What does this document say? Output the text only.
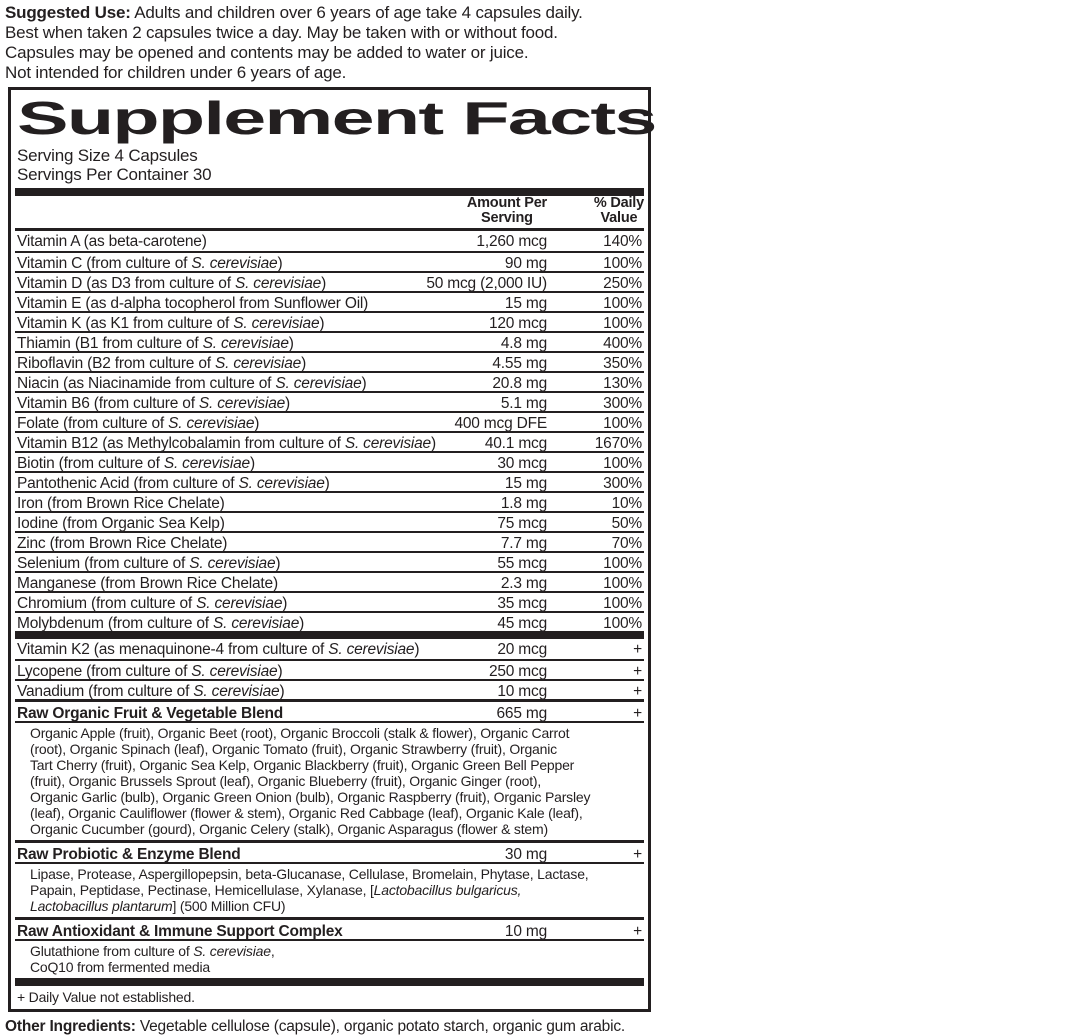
Suggested Use: Adults and children over 6 years of age take 4 capsules daily.
Best when taken 2 capsules twice a day. May be taken with or without food.
Capsules may be opened and contents may be added to water or juice.
Not intended for children under 6 years of age.
Supplement Facts
Serving Size 4 Capsules
Servings Per Container 30
Amount Per
Serving
% Daily
Value
Vitamin A (as beta-carotene)	1,260 mcg	140%
Vitamin C (from culture of S. cerevisiae)	90 mg	100%
Vitamin D (as D3 from culture of S. cerevisiae)	50 mcg (2,000 IU)	250%
Vitamin E (as d-alpha tocopherol from Sunflower Oil)	15 mg	100%
Vitamin K (as K1 from culture of S. cerevisiae)	120 mcg	100%
Thiamin (B1 from culture of S. cerevisiae)	4.8 mg	400%
Riboflavin (B2 from culture of S. cerevisiae)	4.55 mg	350%
Niacin (as Niacinamide from culture of S. cerevisiae)	20.8 mg	130%
Vitamin B6 (from culture of S. cerevisiae)	5.1 mg	300%
Folate (from culture of S. cerevisiae)	400 mcg DFE	100%
Vitamin B12 (as Methylcobalamin from culture of S. cerevisiae)	40.1 mcg	1670%
Biotin (from culture of S. cerevisiae)	30 mcg	100%
Pantothenic Acid (from culture of S. cerevisiae)	15 mg	300%
Iron (from Brown Rice Chelate)	1.8 mg	10%
Iodine (from Organic Sea Kelp)	75 mcg	50%
Zinc (from Brown Rice Chelate)	7.7 mg	70%
Selenium (from culture of S. cerevisiae)	55 mcg	100%
Manganese (from Brown Rice Chelate)	2.3 mg	100%
Chromium (from culture of S. cerevisiae)	35 mcg	100%
Molybdenum (from culture of S. cerevisiae)	45 mcg	100%
Vitamin K2 (as menaquinone-4 from culture of S. cerevisiae)	20 mcg	+
Lycopene (from culture of S. cerevisiae)	250 mcg	+
Vanadium (from culture of S. cerevisiae)	10 mcg	+
Raw Organic Fruit & Vegetable Blend	665 mg	+
Organic Apple (fruit), Organic Beet (root), Organic Broccoli (stalk & flower), Organic Carrot
(root), Organic Spinach (leaf), Organic Tomato (fruit), Organic Strawberry (fruit), Organic
Tart Cherry (fruit), Organic Sea Kelp, Organic Blackberry (fruit), Organic Green Bell Pepper
(fruit), Organic Brussels Sprout (leaf), Organic Blueberry (fruit), Organic Ginger (root),
Organic Garlic (bulb), Organic Green Onion (bulb), Organic Raspberry (fruit), Organic Parsley
(leaf), Organic Cauliflower (flower & stem), Organic Red Cabbage (leaf), Organic Kale (leaf),
Organic Cucumber (gourd), Organic Celery (stalk), Organic Asparagus (flower & stem)
Raw Probiotic & Enzyme Blend	30 mg	+
Lipase, Protease, Aspergillopepsin, beta-Glucanase, Cellulase, Bromelain, Phytase, Lactase,
Papain, Peptidase, Pectinase, Hemicellulase, Xylanase, [Lactobacillus bulgaricus,
Lactobacillus plantarum] (500 Million CFU)
Raw Antioxidant & Immune Support Complex	10 mg	+
Glutathione from culture of S. cerevisiae,
CoQ10 from fermented media
+ Daily Value not established.
Other Ingredients: Vegetable cellulose (capsule), organic potato starch, organic gum arabic.
